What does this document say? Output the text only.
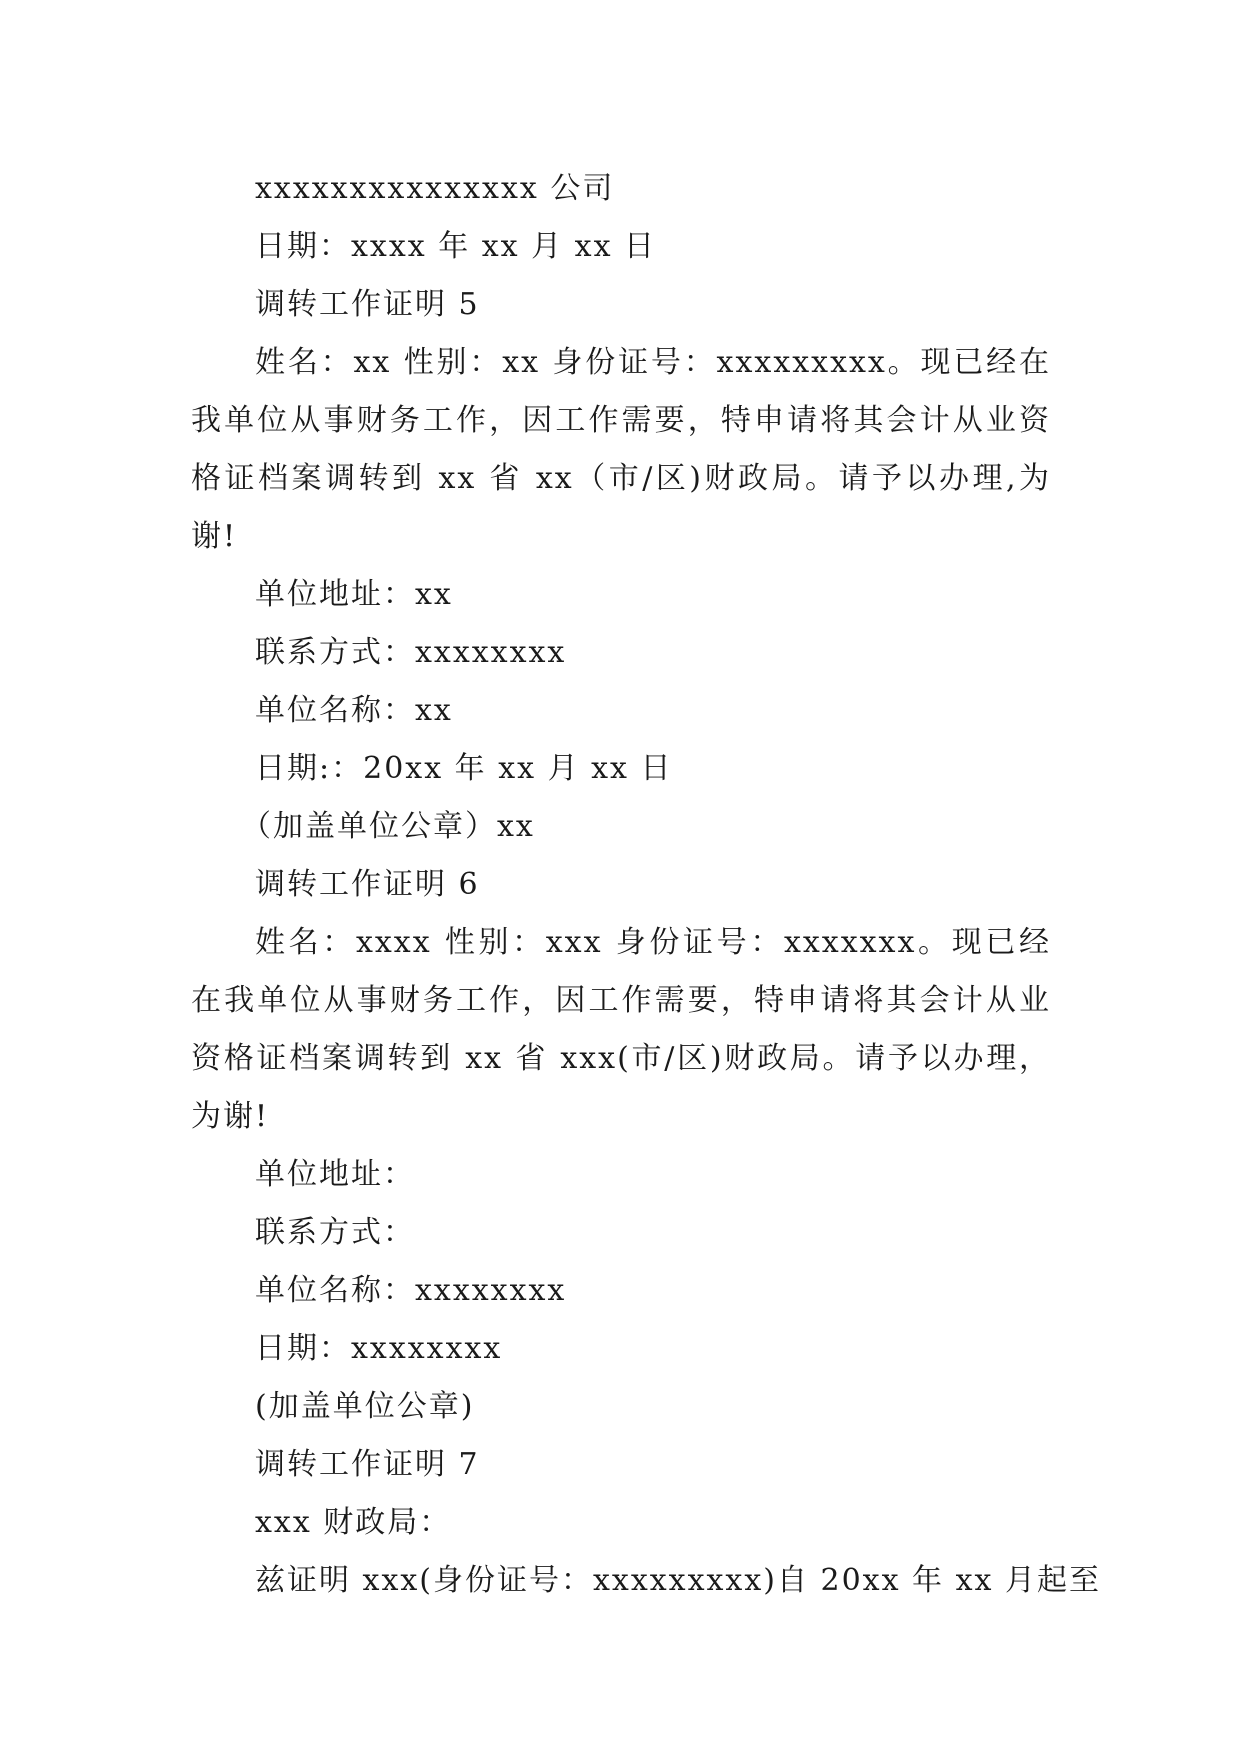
xxxxxxxxxxxxxxx 公司
日期：xxxx 年 xx 月 xx 日
调转工作证明 5
姓名：xx 性别：xx 身份证号：xxxxxxxxx。现已经在我单位从事财务工作，因工作需要，特申请将其会计从业资格证档案调转到 xx 省 xx（市/区)财政局。请予以办理,为谢!
单位地址：xx
联系方式：xxxxxxxx
单位名称：xx
日期:：20xx 年 xx 月 xx 日
（加盖单位公章）xx
调转工作证明 6
姓名：xxxx 性别：xxx 身份证号：xxxxxxx。现已经在我单位从事财务工作，因工作需要，特申请将其会计从业资格证档案调转到 xx 省 xxx(市/区)财政局。请予以办理，为谢!
单位地址：
联系方式：
单位名称：xxxxxxxx
日期：xxxxxxxx
(加盖单位公章)
调转工作证明 7
xxx 财政局：
兹证明 xxx(身份证号：xxxxxxxxx)自 20xx 年 xx 月起至
